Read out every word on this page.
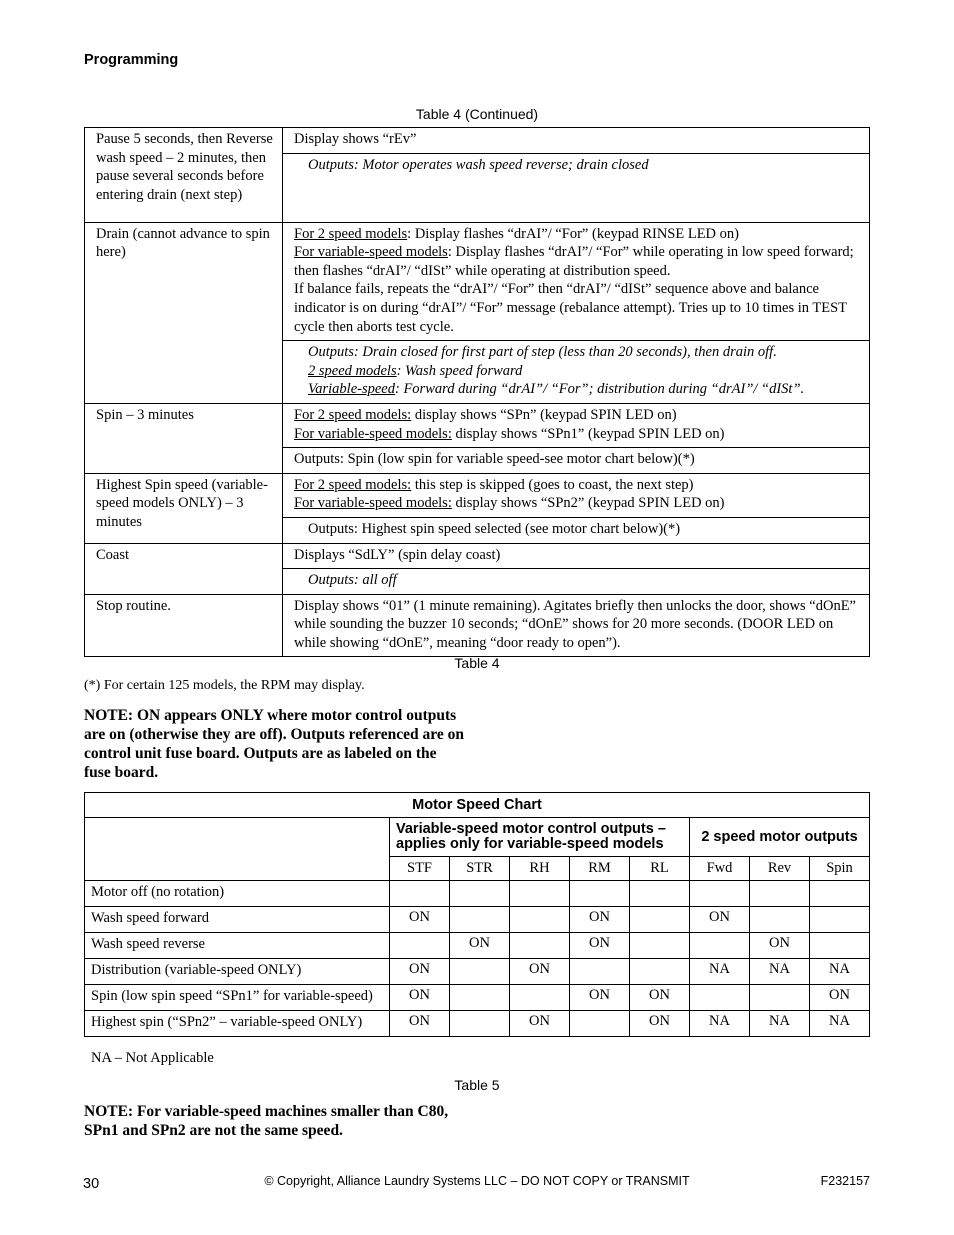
Programming
Table 4 (Continued)
Pause 5 seconds, then Reverse wash speed – 2 minutes, then pause several seconds before entering drain (next step)	Display shows “rEv”
	Outputs: Motor operates wash speed reverse; drain closed
Drain (cannot advance to spin here)	For 2 speed models: Display flashes “drAI”/ “For” (keypad RINSE LED on)
For variable-speed models: Display flashes “drAI”/ “For” while operating in low speed forward; then flashes “drAI”/ “dISt” while operating at distribution speed.
If balance fails, repeats the “drAI”/ “For” then “drAI”/ “dISt” sequence above and balance indicator is on during “drAI”/ “For” message (rebalance attempt). Tries up to 10 times in TEST cycle then aborts test cycle.
	Outputs: Drain closed for first part of step (less than 20 seconds), then drain off.
2 speed models: Wash speed forward
Variable-speed: Forward during “drAI”/ “For”; distribution during “drAI”/ “dISt”.
Spin – 3 minutes	For 2 speed models: display shows “SPn” (keypad SPIN LED on)
For variable-speed models: display shows “SPn1” (keypad SPIN LED on)
	Outputs: Spin (low spin for variable speed-see motor chart below)(*)
Highest Spin speed (variable-speed models ONLY) – 3 minutes	For 2 speed models: this step is skipped (goes to coast, the next step)
For variable-speed models: display shows “SPn2” (keypad SPIN LED on)
	Outputs: Highest spin speed selected (see motor chart below)(*)
Coast	Displays “SdLY” (spin delay coast)
	Outputs: all off
Stop routine.	Display shows “01” (1 minute remaining). Agitates briefly then unlocks the door, shows “dOnE” while sounding the buzzer 10 seconds; “dOnE” shows for 20 more seconds. (DOOR LED on while showing “dOnE”, meaning “door ready to open”).
Table 4
(*) For certain 125 models, the RPM may display.
NOTE: ON appears ONLY where motor control outputs are on (otherwise they are off). Outputs referenced are on control unit fuse board. Outputs are as labeled on the fuse board.
Motor Speed Chart								
	Variable-speed motor control outputs – applies only for variable-speed models					2 speed motor outputs		
	STF	STR	RH	RM	RL	Fwd	Rev	Spin
Motor off (no rotation)								
Wash speed forward	ON			ON		ON		
Wash speed reverse		ON		ON			ON	
Distribution (variable-speed ONLY)	ON		ON			NA	NA	NA
Spin (low spin speed “SPn1” for variable-speed)	ON			ON	ON			ON
Highest spin (“SPn2” – variable-speed ONLY)	ON		ON		ON	NA	NA	NA
NA – Not Applicable
Table 5
NOTE: For variable-speed machines smaller than C80, SPn1 and SPn2 are not the same speed.
30	© Copyright, Alliance Laundry Systems LLC – DO NOT COPY or TRANSMIT	F232157
